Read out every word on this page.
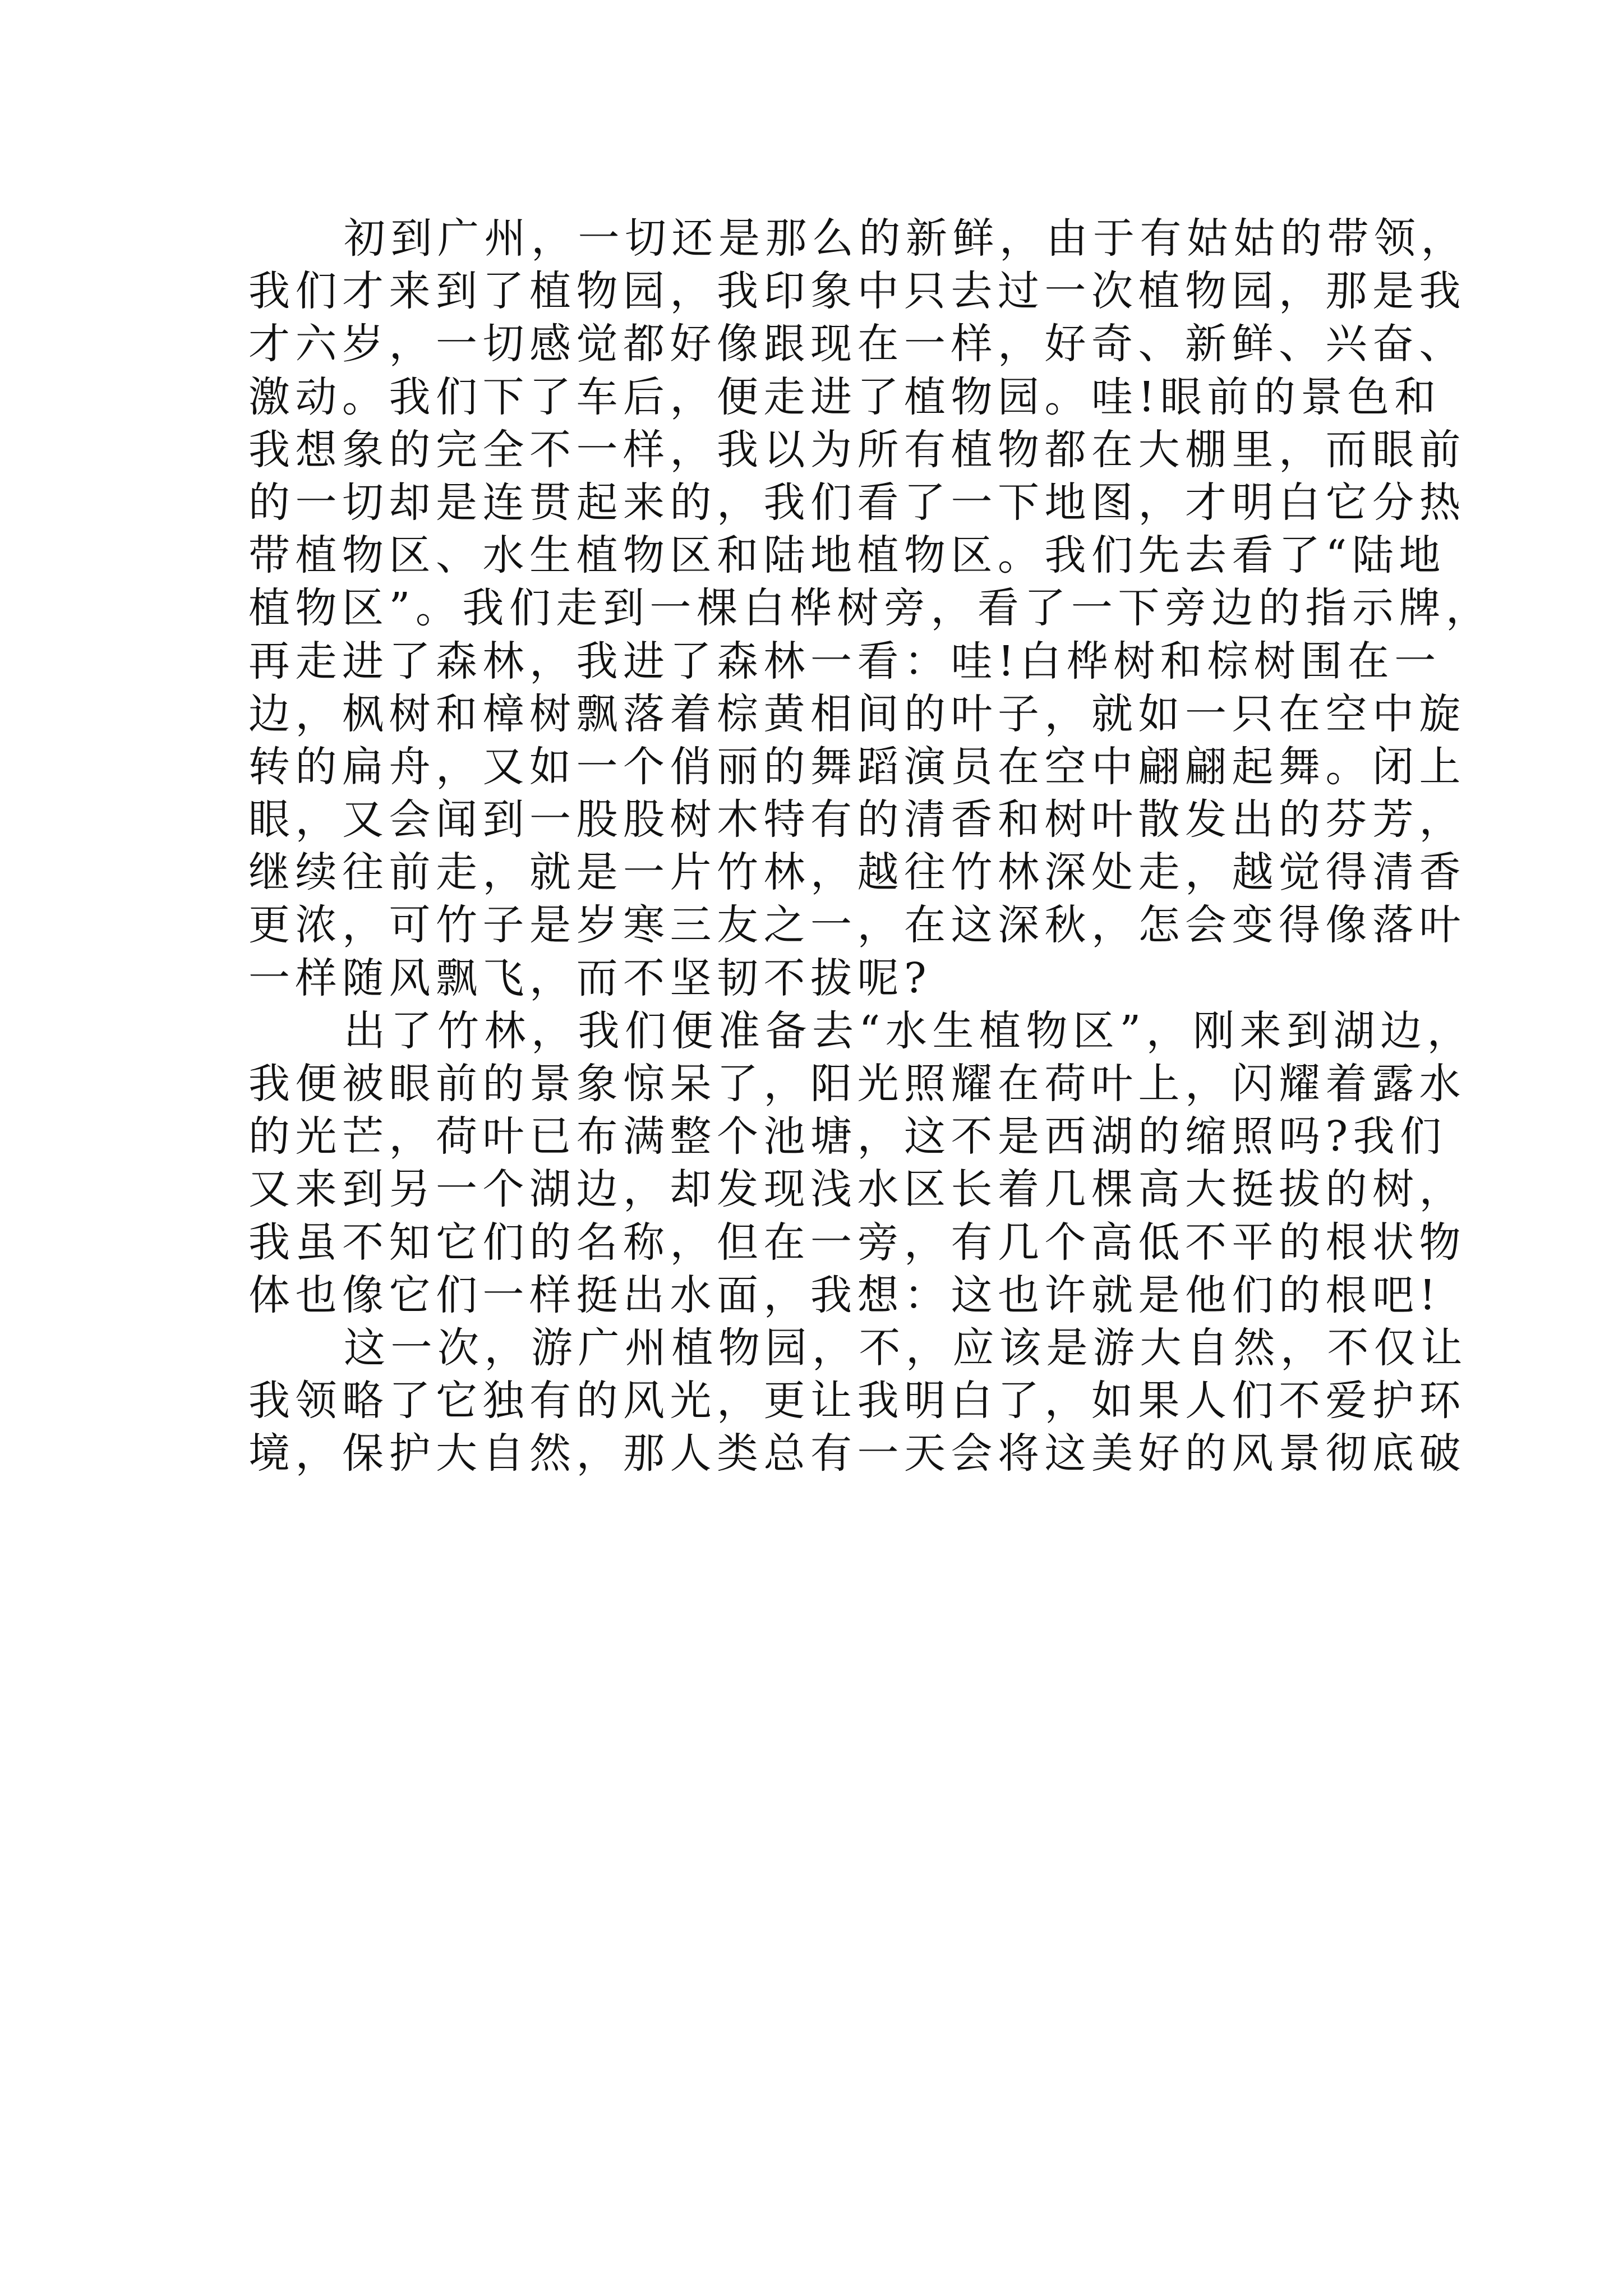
初到广州，一切还是那么的新鲜，由于有姑姑的带领，
我们才来到了植物园，我印象中只去过一次植物园，那是我
才六岁，一切感觉都好像跟现在一样，好奇、新鲜、兴奋、
激动。我们下了车后，便走进了植物园。哇!眼前的景色和
我想象的完全不一样，我以为所有植物都在大棚里，而眼前
的一切却是连贯起来的，我们看了一下地图，才明白它分热
带植物区、水生植物区和陆地植物区。我们先去看了“陆地
植物区”。我们走到一棵白桦树旁，看了一下旁边的指示牌，
再走进了森林，我进了森林一看：哇!白桦树和棕树围在一
边，枫树和樟树飘落着棕黄相间的叶子，就如一只在空中旋
转的扁舟，又如一个俏丽的舞蹈演员在空中翩翩起舞。闭上
眼，又会闻到一股股树木特有的清香和树叶散发出的芬芳，
继续往前走，就是一片竹林，越往竹林深处走，越觉得清香
更浓，可竹子是岁寒三友之一，在这深秋，怎会变得像落叶
一样随风飘飞，而不坚韧不拔呢?
出了竹林，我们便准备去“水生植物区”，刚来到湖边，
我便被眼前的景象惊呆了，阳光照耀在荷叶上，闪耀着露水
的光芒，荷叶已布满整个池塘，这不是西湖的缩照吗?我们
又来到另一个湖边，却发现浅水区长着几棵高大挺拔的树，
我虽不知它们的名称，但在一旁，有几个高低不平的根状物
体也像它们一样挺出水面，我想：这也许就是他们的根吧!
这一次，游广州植物园，不，应该是游大自然，不仅让
我领略了它独有的风光，更让我明白了，如果人们不爱护环
境，保护大自然，那人类总有一天会将这美好的风景彻底破
